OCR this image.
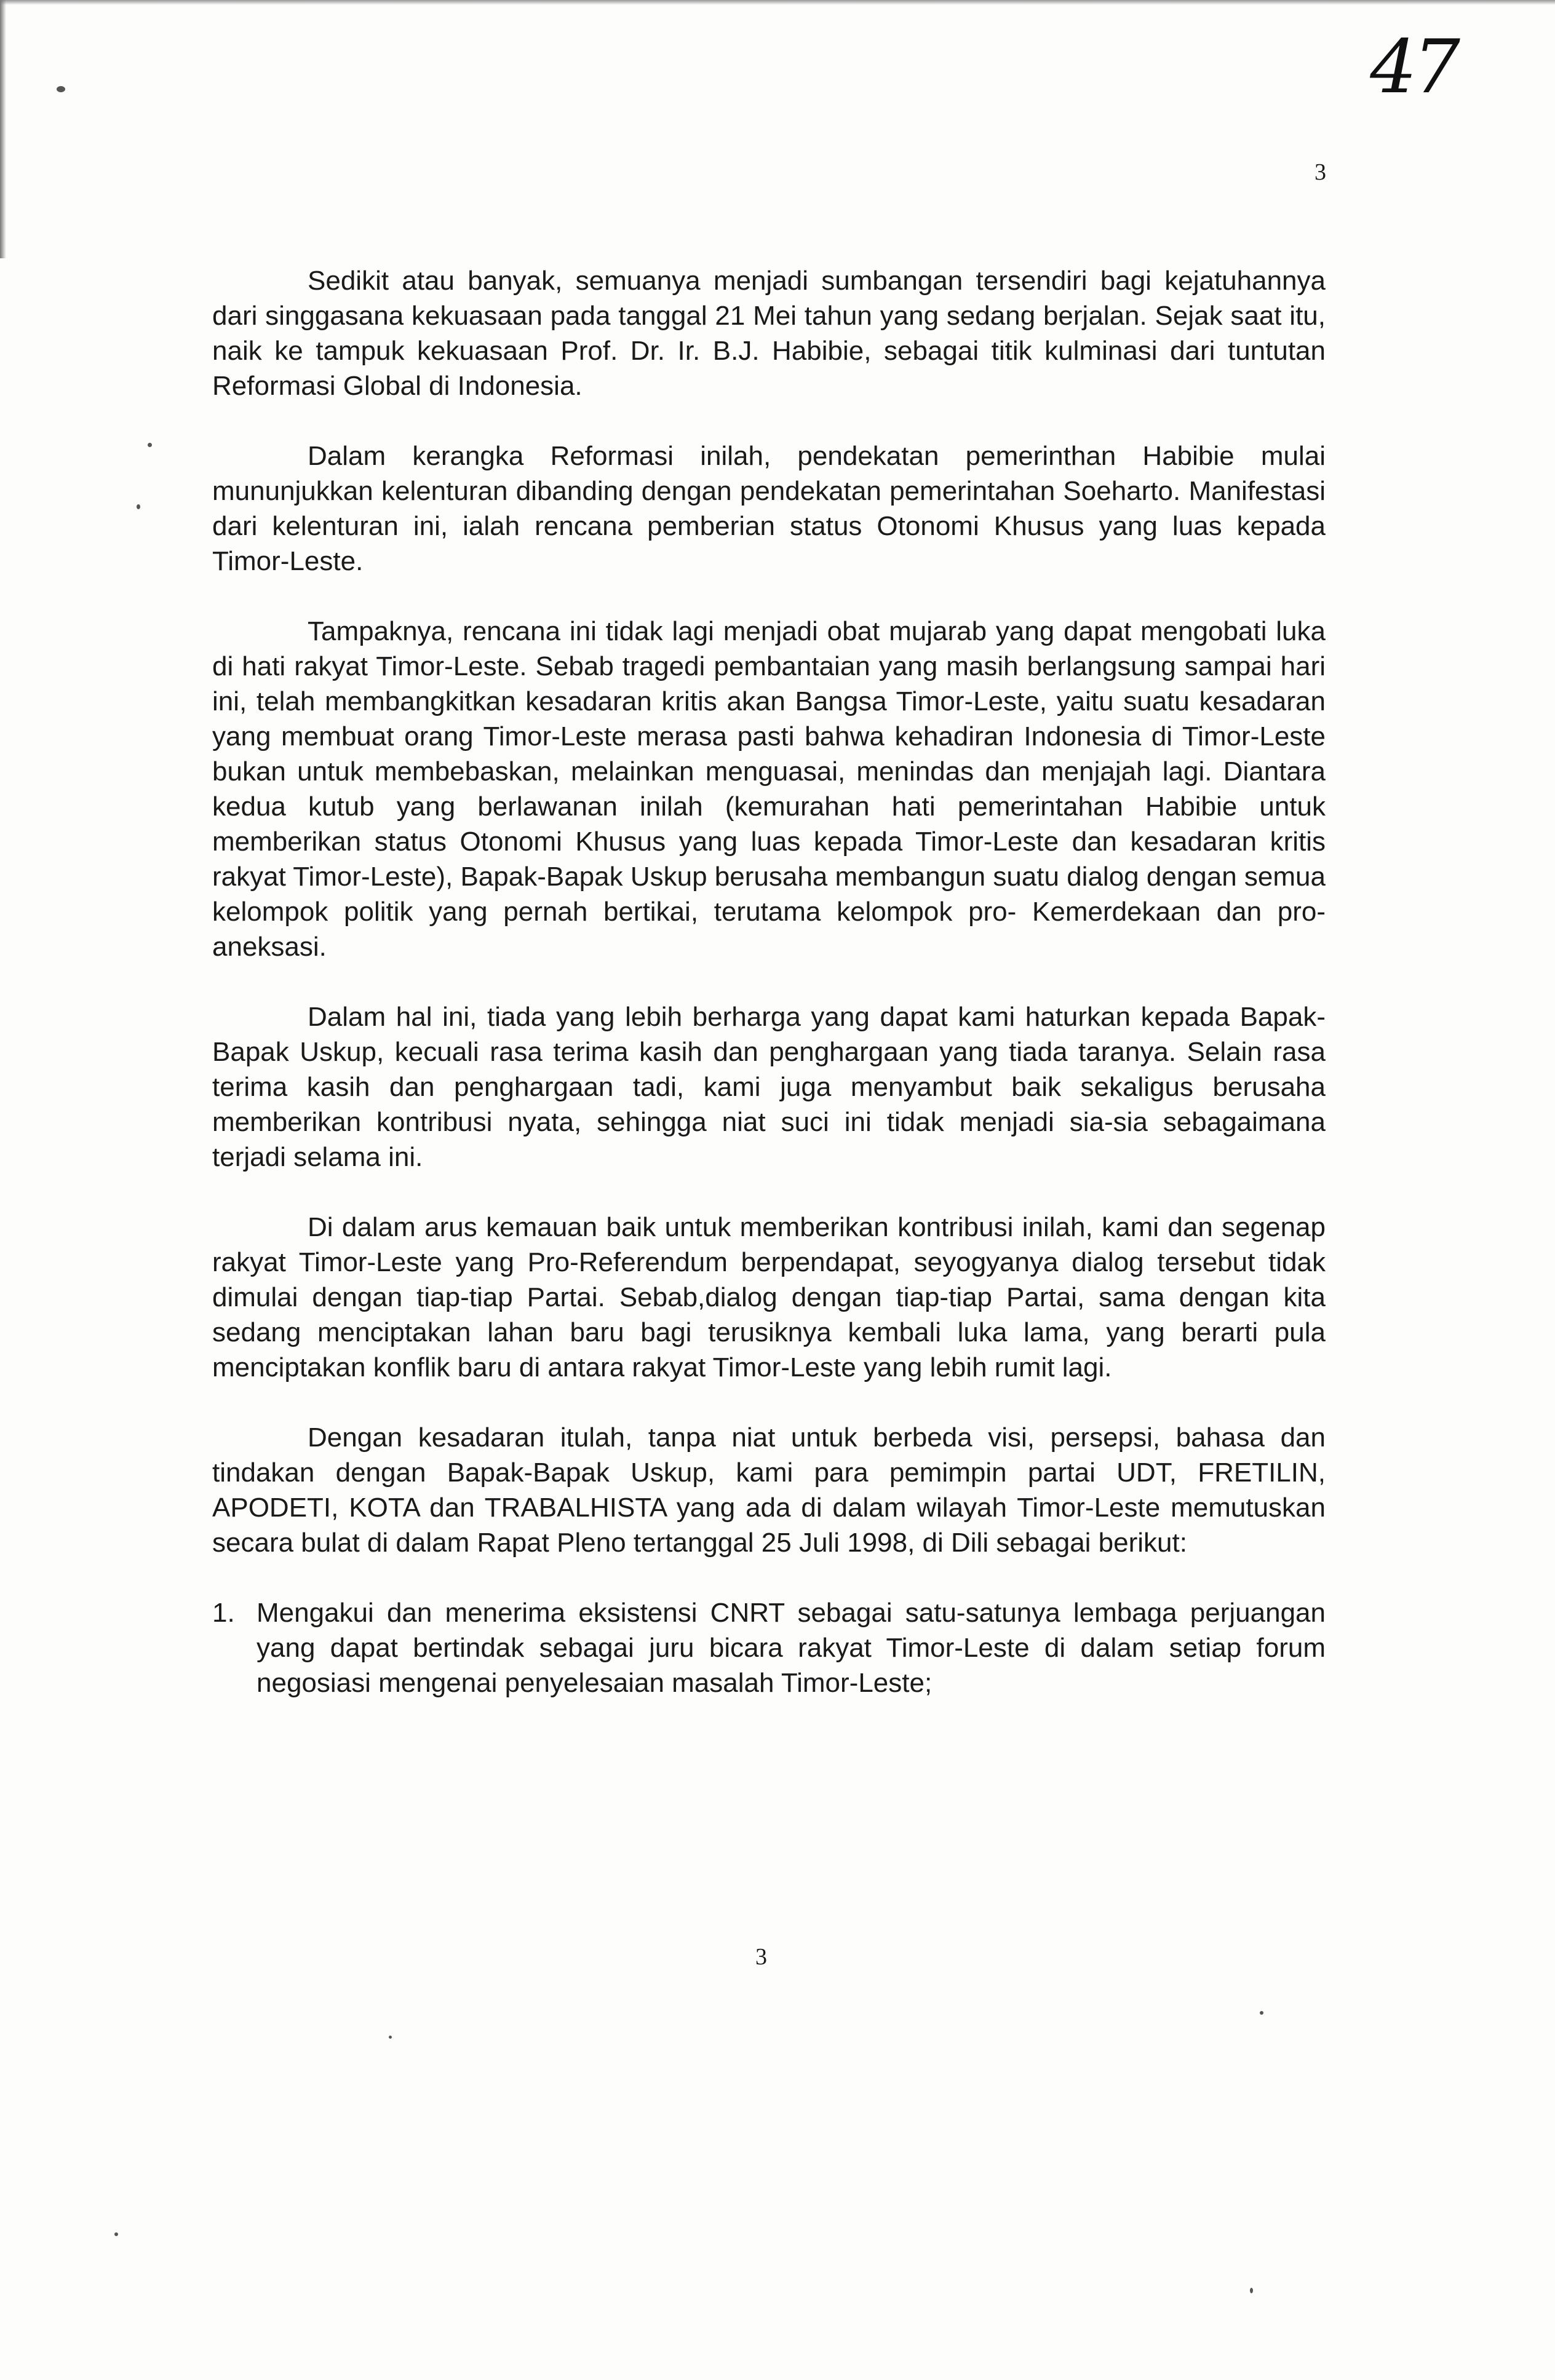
47
3

Sedikit atau banyak, semuanya menjadi sumbangan tersendiri bagi kejatuhannya dari singgasana kekuasaan pada tanggal 21 Mei tahun yang sedang berjalan. Sejak saat itu, naik ke tampuk kekuasaan Prof. Dr. Ir. B.J. Habibie, sebagai titik kulminasi dari tuntutan Reformasi Global di Indonesia.

Dalam kerangka Reformasi inilah, pendekatan pemerinthan Habibie mulai mununjukkan kelenturan dibanding dengan pendekatan pemerintahan Soeharto. Manifestasi dari kelenturan ini, ialah rencana pemberian status Otonomi Khusus yang luas kepada Timor-Leste.

Tampaknya, rencana ini tidak lagi menjadi obat mujarab yang dapat mengobati luka di hati rakyat Timor-Leste. Sebab tragedi pembantaian yang masih berlangsung sampai hari ini, telah membangkitkan kesadaran kritis akan Bangsa Timor-Leste, yaitu suatu kesadaran yang membuat orang Timor-Leste merasa pasti bahwa kehadiran Indonesia di Timor-Leste bukan untuk membebaskan, melainkan menguasai, menindas dan menjajah lagi. Diantara kedua kutub yang berlawanan inilah (kemurahan hati pemerintahan Habibie untuk memberikan status Otonomi Khusus yang luas kepada Timor-Leste dan kesadaran kritis rakyat Timor-Leste), Bapak-Bapak Uskup berusaha membangun suatu dialog dengan semua kelompok politik yang pernah bertikai, terutama kelompok pro- Kemerdekaan dan pro-aneksasi.

Dalam hal ini, tiada yang lebih berharga yang dapat kami haturkan kepada Bapak-Bapak Uskup, kecuali rasa terima kasih dan penghargaan yang tiada taranya. Selain rasa terima kasih dan penghargaan tadi, kami juga menyambut baik sekaligus berusaha memberikan kontribusi nyata, sehingga niat suci ini tidak menjadi sia-sia sebagaimana terjadi selama ini.

Di dalam arus kemauan baik untuk memberikan kontribusi inilah, kami dan segenap rakyat Timor-Leste yang Pro-Referendum berpendapat, seyogyanya dialog tersebut tidak dimulai dengan tiap-tiap Partai. Sebab,dialog dengan tiap-tiap Partai, sama dengan kita sedang menciptakan lahan baru bagi terusiknya kembali luka lama, yang berarti pula menciptakan konflik baru di antara rakyat Timor-Leste yang lebih rumit lagi.

Dengan kesadaran itulah, tanpa niat untuk berbeda visi, persepsi, bahasa dan tindakan dengan Bapak-Bapak Uskup, kami para pemimpin partai UDT, FRETILIN, APODETI, KOTA dan TRABALHISTA yang ada di dalam wilayah Timor-Leste memutuskan secara bulat di dalam Rapat Pleno tertanggal 25 Juli 1998, di Dili sebagai berikut:

1. Mengakui dan menerima eksistensi CNRT sebagai satu-satunya lembaga perjuangan yang dapat bertindak sebagai juru bicara rakyat Timor-Leste di dalam setiap forum negosiasi mengenai penyelesaian masalah Timor-Leste;
3
